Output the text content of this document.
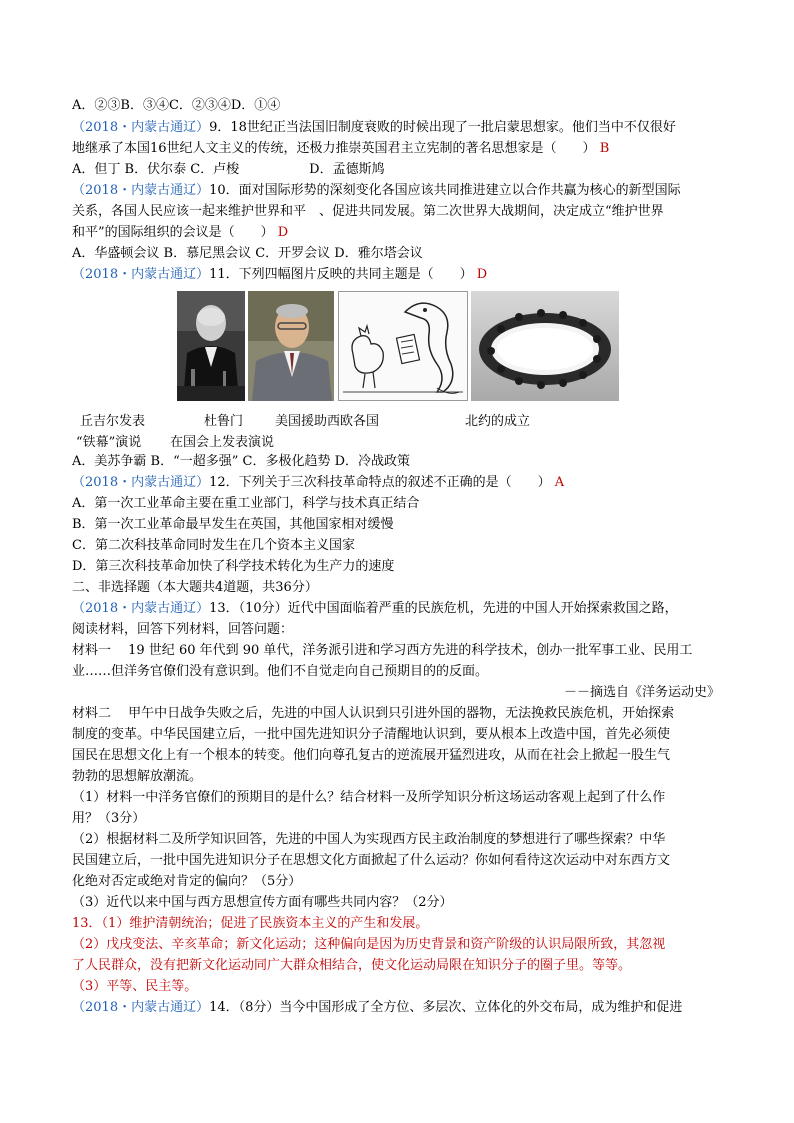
A．②③B．③④C．②③④D．①④
（2018・内蒙古通辽）9．18世纪正当法国旧制度衰败的时候出现了一批启蒙思想家。他们当中不仅很好
地继承了本国16世纪人文主义的传统，还极力推崇英国君主立宪制的著名思想家是（　　） B
A．但丁 B．伏尔泰 C．卢梭	D．孟德斯鸠
（2018・内蒙古通辽）10．面对国际形势的深刻变化各国应该共同推进建立以合作共赢为核心的新型国际
关系，各国人民应该一起来维护世界和平　、促进共同发展。第二次世界大战期间，决定成立“维护世界
和平”的国际组织的会议是（　　） D
A．华盛顿会议 B．慕尼黑会议 C．开罗会议 D．雅尔塔会议
（2018・内蒙古通辽）11．下列四幅图片反映的共同主题是（　　） D
丘吉尔发表	杜鲁门 美国援助西欧各国	北约的成立
“铁幕”演说 在国会上发表演说
A．美苏争霸 B．“一超多强” C．多极化趋势 D．冷战政策
（2018・内蒙古通辽）12．下列关于三次科技革命特点的叙述不正确的是（　　） A
A．第一次工业革命主要在重工业部门，科学与技术真正结合
B．第一次工业革命最早发生在英国，其他国家相对缓慢
C．第二次科技革命同时发生在几个资本主义国家
D．第三次科技革命加快了科学技术转化为生产力的速度
二、非选择题（本大题共4道题，共36分）
（2018・内蒙古通辽）13．（10分）近代中国面临着严重的民族危机，先进的中国人开始探索救国之路，
阅读材料，回答下列材料，回答问题：
材料一　 19 世纪 60 年代到 90 单代，洋务派引进和学习西方先进的科学技术，创办一批军事工业、民用工
业……但洋务官僚们没有意识到。他们不自觉走向自己预期目的的反面。
－－摘选自《洋务运动史》
材料二　 甲午中日战争失败之后，先进的中国人认识到只引进外国的器物，无法挽救民族危机，开始探索
制度的变革。中华民国建立后，一批中国先进知识分子清醒地认识到，要从根本上改造中国，首先必须使
国民在思想文化上有一个根本的转变。他们向尊孔复古的逆流展开猛烈进攻，从而在社会上掀起一股生气
勃勃的思想解放潮流。
（1）材料一中洋务官僚们的预期目的是什么？结合材料一及所学知识分析这场运动客观上起到了什么作
用？（3分）
（2）根据材料二及所学知识回答，先进的中国人为实现西方民主政治制度的梦想进行了哪些探索？中华
民国建立后，一批中国先进知识分子在思想文化方面掀起了什么运动？你如何看待这次运动中对东西方文
化绝对否定或绝对肯定的偏向？（5分）
（3）近代以来中国与西方思想宣传方面有哪些共同内容？（2分）
13．（1）维护清朝统治；促进了民族资本主义的产生和发展。
（2）戊戌变法、辛亥革命；新文化运动；这种偏向是因为历史背景和资产阶级的认识局限所致，其忽视
了人民群众，没有把新文化运动同广大群众相结合，使文化运动局限在知识分子的圈子里。等等。
（3）平等、民主等。
（2018・内蒙古通辽）14．（8分）当今中国形成了全方位、多层次、立体化的外交布局，成为维护和促进
